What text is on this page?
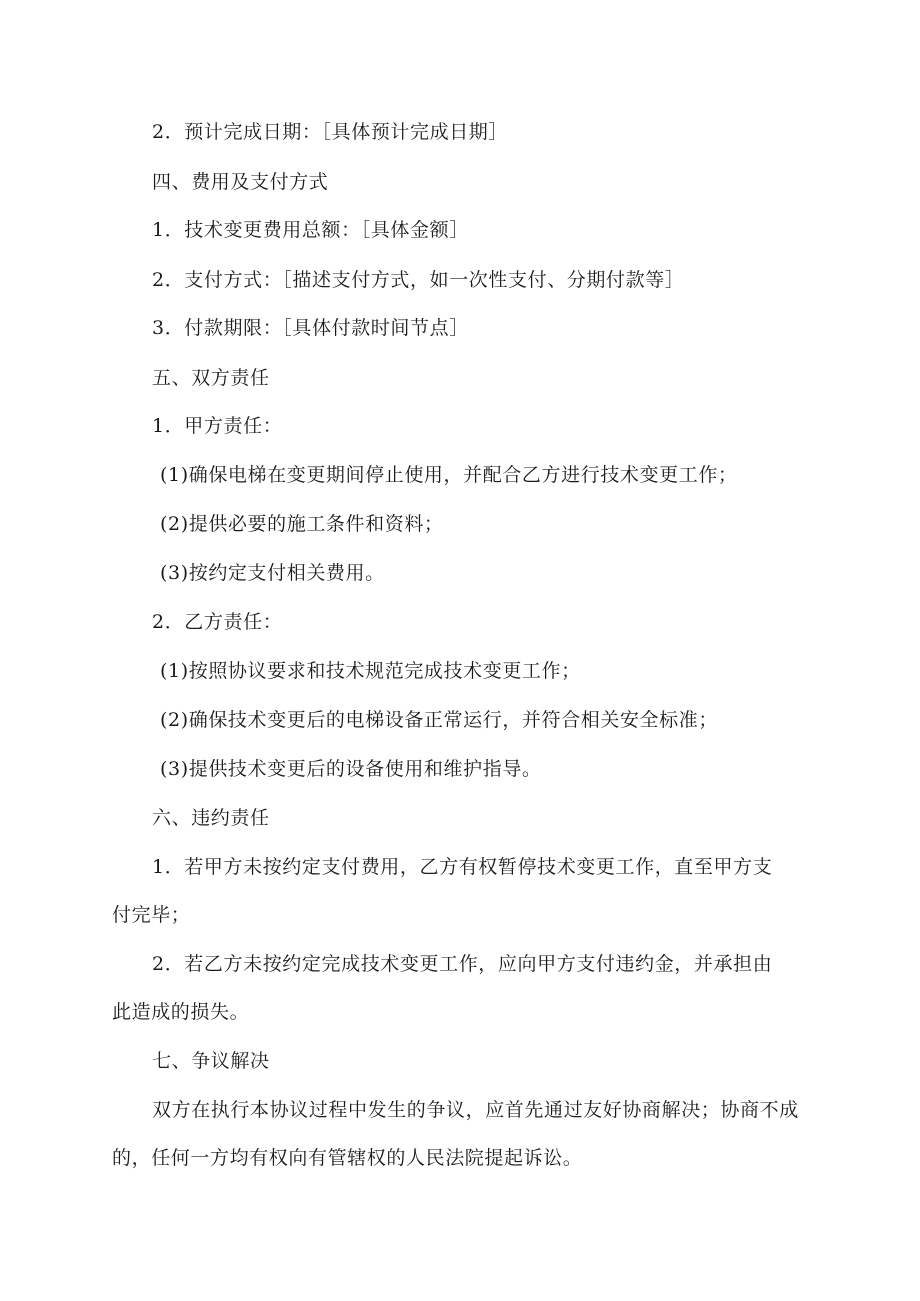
2．预计完成日期：［具体预计完成日期］
四、费用及支付方式
1．技术变更费用总额：［具体金额］
2．支付方式：［描述支付方式，如一次性支付、分期付款等］
3．付款期限：［具体付款时间节点］
五、双方责任
1．甲方责任：
(1)确保电梯在变更期间停止使用，并配合乙方进行技术变更工作；
(2)提供必要的施工条件和资料；
(3)按约定支付相关费用。
2．乙方责任：
(1)按照协议要求和技术规范完成技术变更工作；
(2)确保技术变更后的电梯设备正常运行，并符合相关安全标准；
(3)提供技术变更后的设备使用和维护指导。
六、违约责任
1．若甲方未按约定支付费用，乙方有权暂停技术变更工作，直至甲方支
付完毕；
2．若乙方未按约定完成技术变更工作，应向甲方支付违约金，并承担由
此造成的损失。
七、争议解决
双方在执行本协议过程中发生的争议，应首先通过友好协商解决；协商不成
的，任何一方均有权向有管辖权的人民法院提起诉讼。
